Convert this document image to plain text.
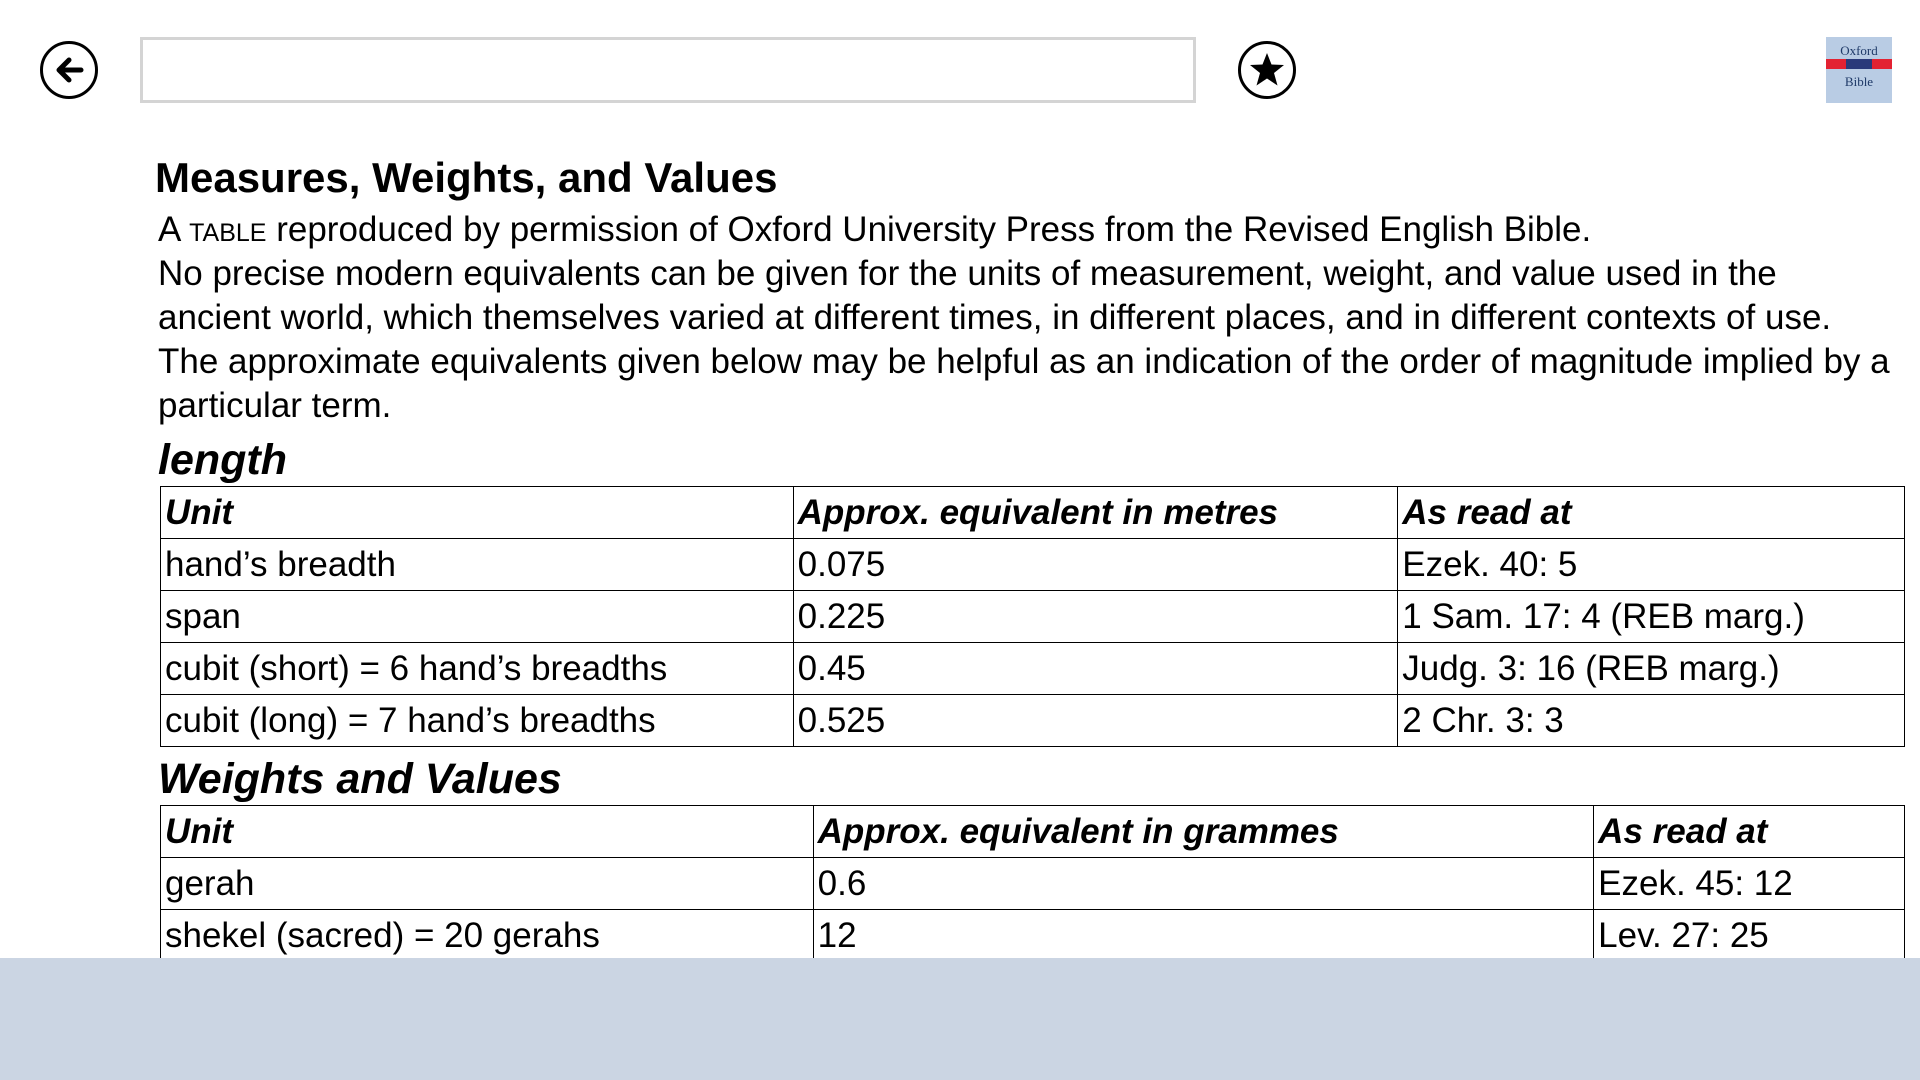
Oxford
Bible
Measures, Weights, and Values
A table reproduced by permission of Oxford University Press from the Revised English Bible.
No precise modern equivalents can be given for the units of measurement, weight, and value used in the ancient world, which themselves varied at different times, in different places, and in different contexts of use. The approximate equivalents given below may be helpful as an indication of the order of magnitude implied by a particular term.
length
Unit	Approx. equivalent in metres	As read at
hand’s breadth	0.075	Ezek. 40: 5
span	0.225	1 Sam. 17: 4 (REB marg.)
cubit (short) = 6 hand’s breadths	0.45	Judg. 3: 16 (REB marg.)
cubit (long) = 7 hand’s breadths	0.525	2 Chr. 3: 3
Weights and Values
Unit	Approx. equivalent in grammes	As read at
gerah	0.6	Ezek. 45: 12
shekel (sacred) = 20 gerahs	12	Lev. 27: 25
